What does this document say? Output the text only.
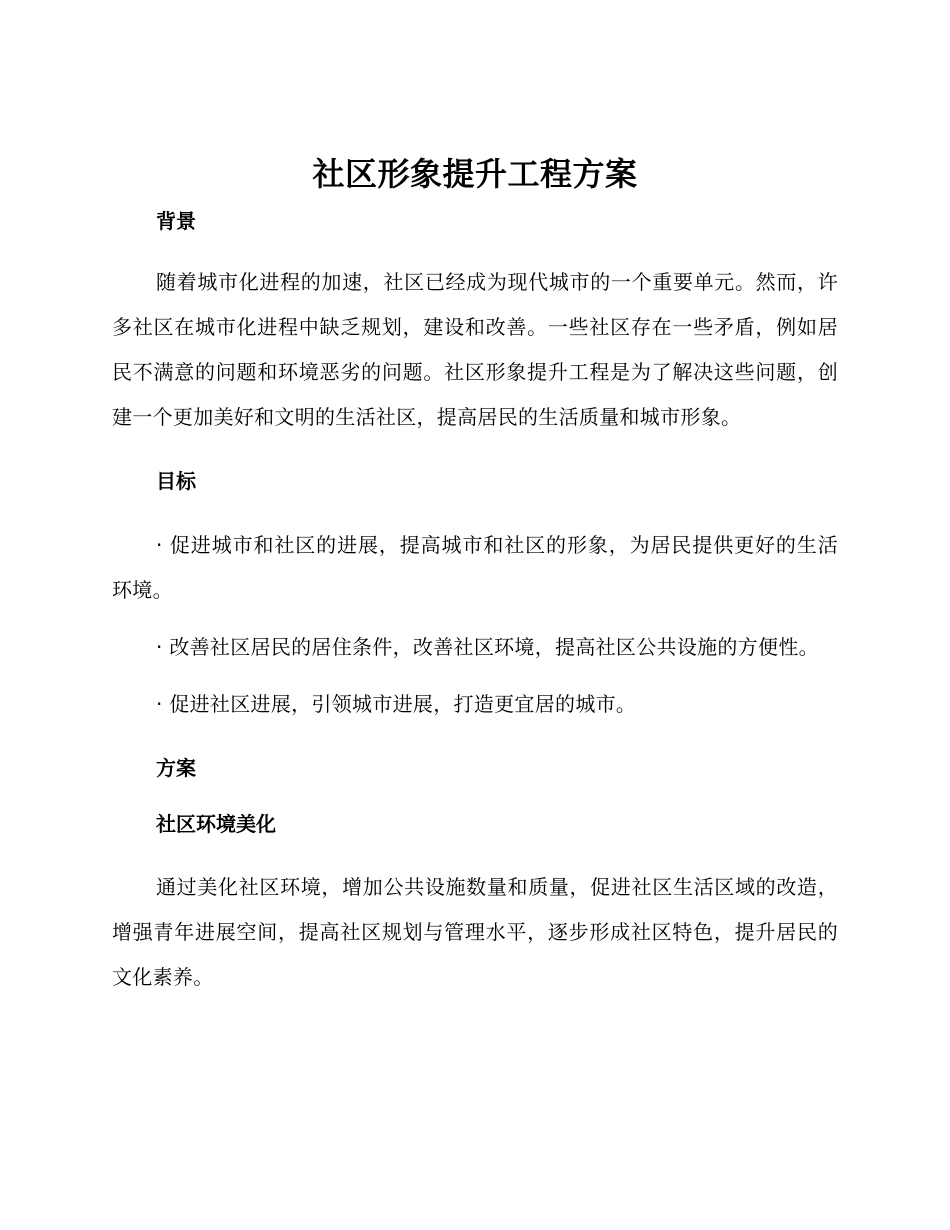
社区形象提升工程方案
背景

随着城市化进程的加速，社区已经成为现代城市的一个重要单元。然而，许多社区在城市化进程中缺乏规划，建设和改善。一些社区存在一些矛盾，例如居民不满意的问题和环境恶劣的问题。社区形象提升工程是为了解决这些问题，创建一个更加美好和文明的生活社区，提高居民的生活质量和城市形象。

目标

· 促进城市和社区的进展，提高城市和社区的形象，为居民提供更好的生活环境。

· 改善社区居民的居住条件，改善社区环境，提高社区公共设施的方便性。

· 促进社区进展，引领城市进展，打造更宜居的城市。

方案
社区环境美化

通过美化社区环境，增加公共设施数量和质量，促进社区生活区域的改造，增强青年进展空间，提高社区规划与管理水平，逐步形成社区特色，提升居民的文化素养。
